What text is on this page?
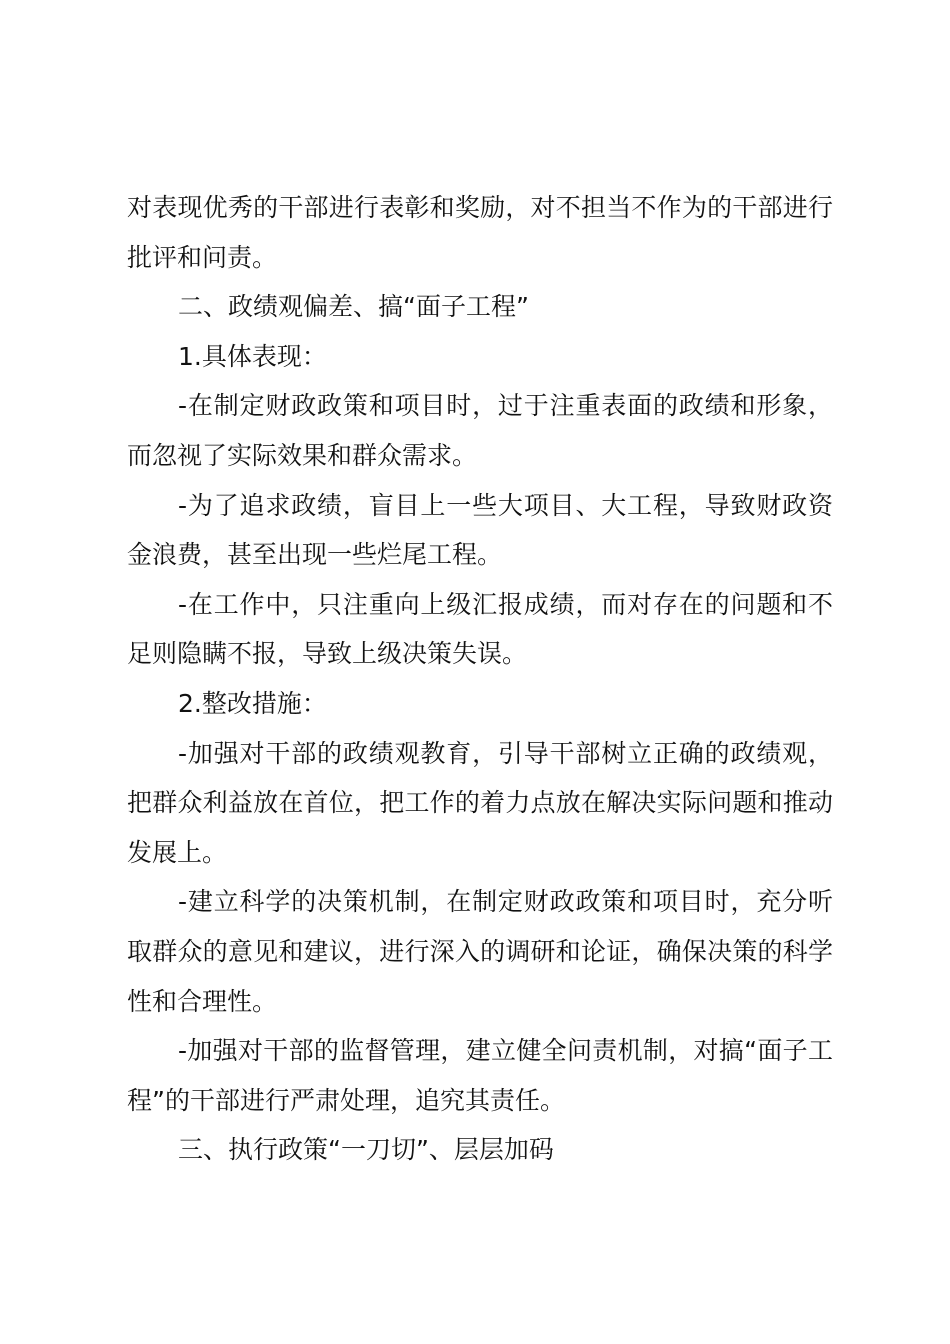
对表现优秀的干部进行表彰和奖励，对不担当不作为的干部进行批评和问责。

二、政绩观偏差、搞“面子工程”

1.具体表现：

-在制定财政政策和项目时，过于注重表面的政绩和形象，而忽视了实际效果和群众需求。

-为了追求政绩，盲目上一些大项目、大工程，导致财政资金浪费，甚至出现一些烂尾工程。

-在工作中，只注重向上级汇报成绩，而对存在的问题和不足则隐瞒不报，导致上级决策失误。

2.整改措施：

-加强对干部的政绩观教育，引导干部树立正确的政绩观，把群众利益放在首位，把工作的着力点放在解决实际问题和推动发展上。

-建立科学的决策机制，在制定财政政策和项目时，充分听取群众的意见和建议，进行深入的调研和论证，确保决策的科学性和合理性。

-加强对干部的监督管理，建立健全问责机制，对搞“面子工程”的干部进行严肃处理，追究其责任。

三、执行政策“一刀切”、层层加码
